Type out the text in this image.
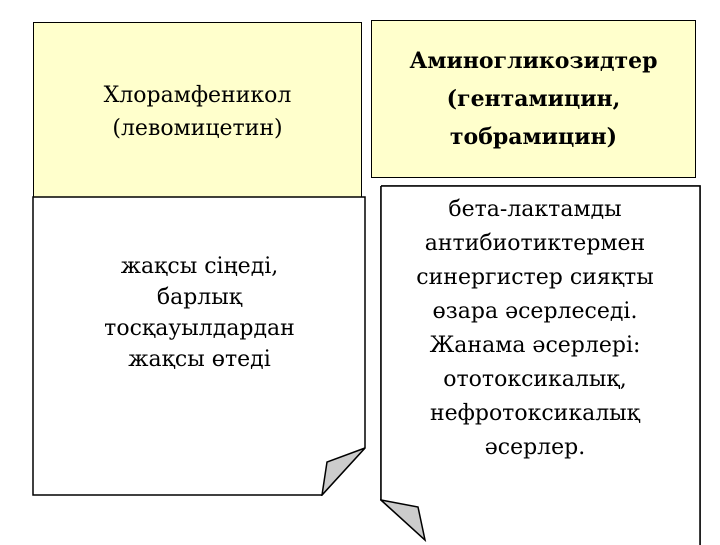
Хлорамфеникол
(левомицетин)
Аминогликозидтер
(гентамицин,
тобрамицин)
жақсы сіңеді,
барлық
тосқауылдардан
жақсы өтеді
бета-лактамды
антибиотиктермен
синергистер сияқты
өзара әсерлеседі.
Жанама әсерлері:
ототоксикалық,
нефротоксикалық
әсерлер.
